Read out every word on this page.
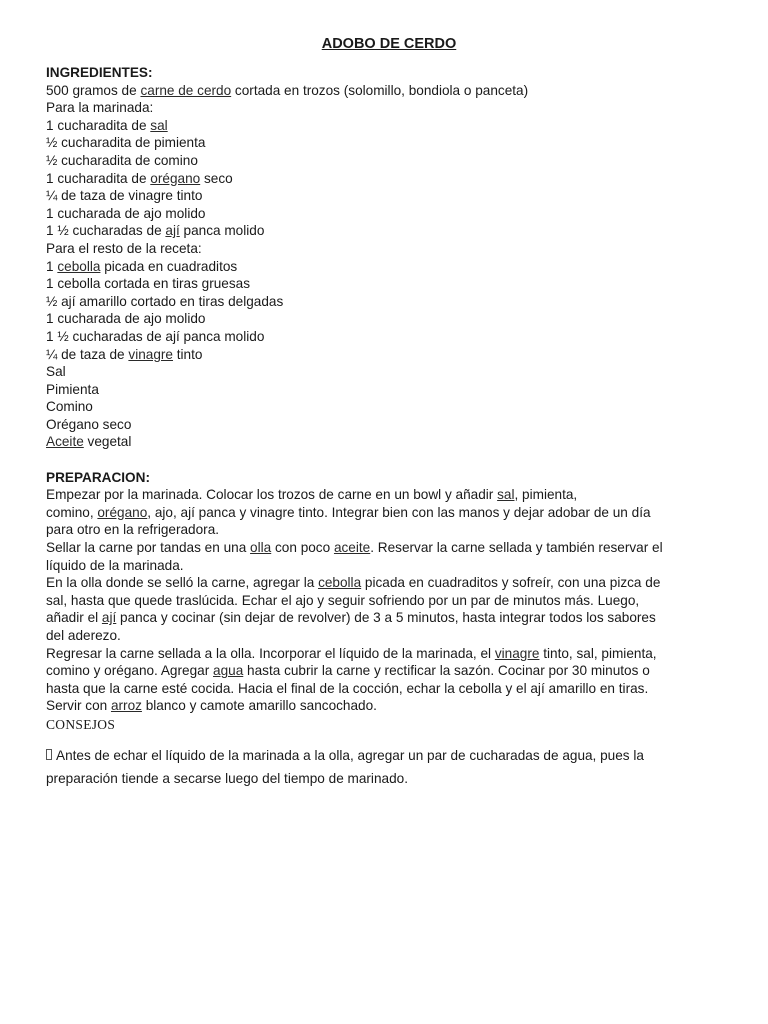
ADOBO DE CERDO
INGREDIENTES:
500 gramos de carne de cerdo cortada en trozos (solomillo, bondiola o panceta)
Para la marinada:
1 cucharadita de sal
½ cucharadita de pimienta
½ cucharadita de comino
1 cucharadita de orégano seco
¼ de taza de vinagre tinto
1 cucharada de ajo molido
1 ½ cucharadas de ají panca molido
Para el resto de la receta:
1 cebolla picada en cuadraditos
1 cebolla cortada en tiras gruesas
½ ají amarillo cortado en tiras delgadas
1 cucharada de ajo molido
1 ½ cucharadas de ají panca molido
¼ de taza de vinagre tinto
Sal
Pimienta
Comino
Orégano seco
Aceite vegetal
PREPARACION:
Empezar por la marinada. Colocar los trozos de carne en un bowl y añadir sal, pimienta,
comino, orégano, ajo, ají panca y vinagre tinto. Integrar bien con las manos y dejar adobar de un día
para otro en la refrigeradora.
Sellar la carne por tandas en una olla con poco aceite. Reservar la carne sellada y también reservar el
líquido de la marinada.
En la olla donde se selló la carne, agregar la cebolla picada en cuadraditos y sofreír, con una pizca de
sal, hasta que quede traslúcida. Echar el ajo y seguir sofriendo por un par de minutos más. Luego,
añadir el ají panca y cocinar (sin dejar de revolver) de 3 a 5 minutos, hasta integrar todos los sabores
del aderezo.
Regresar la carne sellada a la olla. Incorporar el líquido de la marinada, el vinagre tinto, sal, pimienta,
comino y orégano. Agregar agua hasta cubrir la carne y rectificar la sazón. Cocinar por 30 minutos o
hasta que la carne esté cocida. Hacia el final de la cocción, echar la cebolla y el ají amarillo en tiras.
Servir con arroz blanco y camote amarillo sancochado.
CONSEJOS
Antes de echar el líquido de la marinada a la olla, agregar un par de cucharadas de agua, pues la preparación tiende a secarse luego del tiempo de marinado.
